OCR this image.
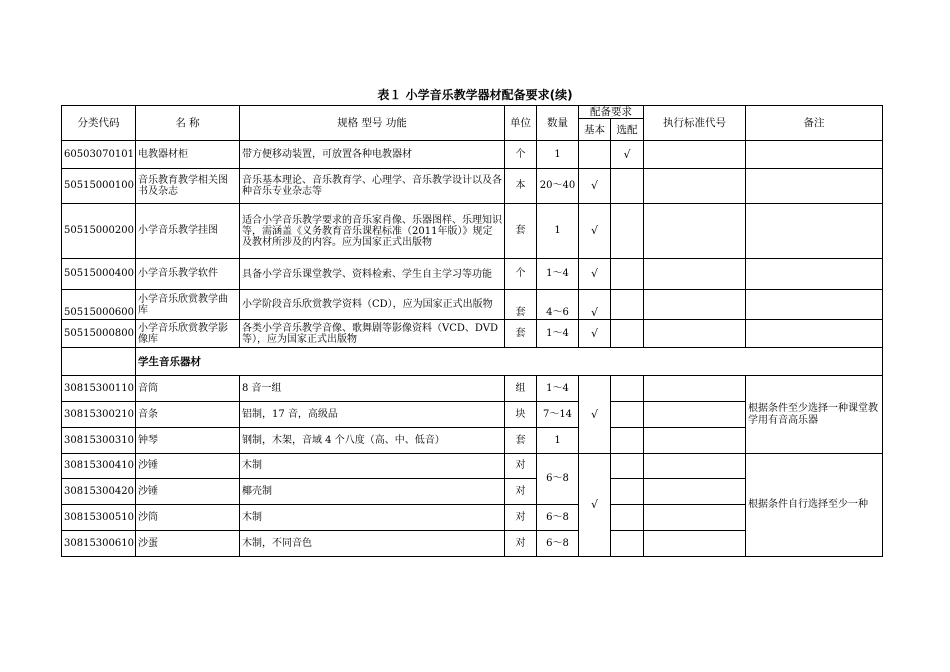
表１ 小学音乐教学器材配备要求(续)
分类代码	名 称	规格 型号 功能	单位	数量	配备要求		执行标准代号	备注
					基本	选配		
60503070101	电教器材柜	带方便移动装置，可放置各种电教器材	个	1		√		
50515000100	音乐教育教学相关图书及杂志	音乐基本理论、音乐教育学、心理学、音乐教学设计以及各种音乐专业杂志等	本	20～40	√			
50515000200	小学音乐教学挂图	适合小学音乐教学要求的音乐家肖像、乐器图样、乐理知识等，需涵盖《义务教育音乐课程标准（2011年版）》规定及教材所涉及的内容。应为国家正式出版物	套	1	√			
50515000400	小学音乐教学软件	具备小学音乐课堂教学、资料检索、学生自主学习等功能	个	1～4	√			
50515000600	小学音乐欣赏教学曲库	小学阶段音乐欣赏教学资料（CD），应为国家正式出版物	套	4～6	√			
50515000800	小学音乐欣赏教学影像库	各类小学音乐教学音像、歌舞剧等影像资料（VCD、DVD等），应为国家正式出版物	套	1～4	√			
	学生音乐器材							
30815300110	音筒	8 音一组	组	1～4	√			根据条件至少选择一种课堂教学用有音高乐器
30815300210	音条	铝制，17 音，高级品	块	7～14				
30815300310	钟琴	钢制，木架，音域 4 个八度（高、中、低音）	套	1				
30815300410	沙锤	木制	对	6～8	√			根据条件自行选择至少一种
30815300420	沙锤	椰壳制	对					
30815300510	沙筒	木制	对	6～8				
30815300610	沙蛋	木制，不同音色	对	6～8				
